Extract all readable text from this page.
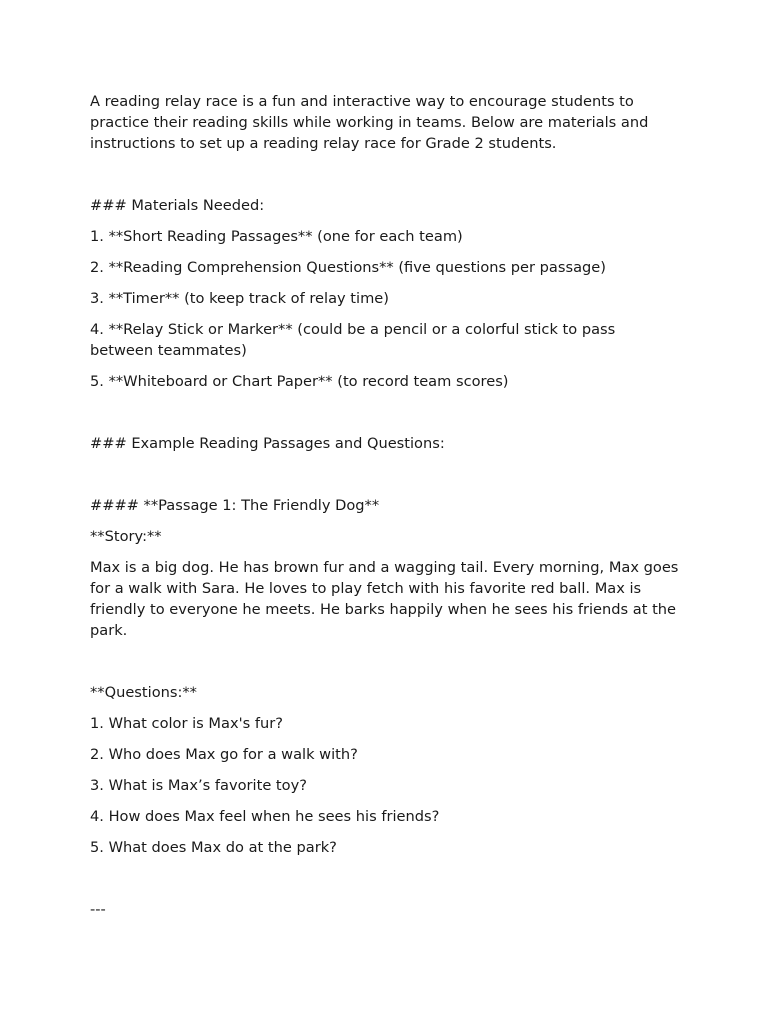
A reading relay race is a fun and interactive way to encourage students to practice their reading skills while working in teams. Below are materials and instructions to set up a reading relay race for Grade 2 students.

### Materials Needed:

1. **Short Reading Passages** (one for each team)

2. **Reading Comprehension Questions** (five questions per passage)

3. **Timer** (to keep track of relay time)

4. **Relay Stick or Marker** (could be a pencil or a colorful stick to pass between teammates)

5. **Whiteboard or Chart Paper** (to record team scores)

### Example Reading Passages and Questions:

#### **Passage 1: The Friendly Dog**

**Story:**

Max is a big dog. He has brown fur and a wagging tail. Every morning, Max goes for a walk with Sara. He loves to play fetch with his favorite red ball. Max is friendly to everyone he meets. He barks happily when he sees his friends at the park.

**Questions:**

1. What color is Max's fur?

2. Who does Max go for a walk with?

3. What is Max’s favorite toy?

4. How does Max feel when he sees his friends?

5. What does Max do at the park?

---
